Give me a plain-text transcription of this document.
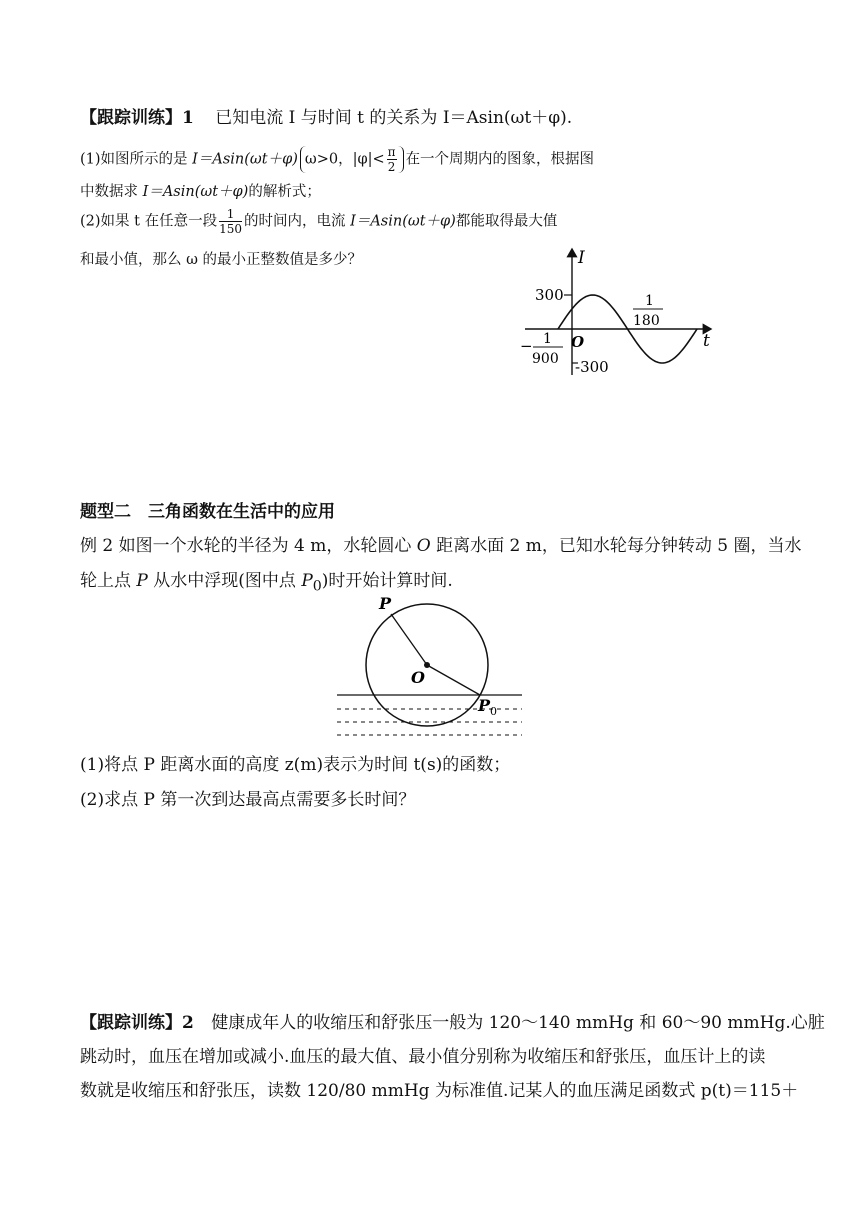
【跟踪训练】1 已知电流 I 与时间 t 的关系为 I＝Asin(ωt＋φ).
(1)如图所示的是 I＝Asin(ωt＋φ) ω>0，$|\varphi|< \frac{\pi}{2}$ 在一个周期内的图象，根据图
中数据求 I＝Asin(ωt＋φ)的解析式；
(2)如果 t 在任意一段 $\frac{1}{150}$ 的时间内，电流 I＝Asin(ωt＋φ)都能取得最大值
和最小值，那么 ω 的最小正整数值是多少？	I
t
O
300
-300
− 1
900
1
180
题型二　三角函数在生活中的应用
例 2 如图一个水轮的半径为 4 m，水轮圆心 O 距离水面 2 m，已知水轮每分钟转动 5 圈，当水
轮上点 P 从水中浮现(图中点 $P_0$)时开始计算时间.
P
O
P 0
(1)将点 P 距离水面的高度 z(m)表示为时间 t(s)的函数；
(2)求点 P 第一次到达最高点需要多长时间？
【跟踪训练】2 健康成年人的收缩压和舒张压一般为 120～140 mmHg 和 60～90 mmHg.心脏
跳动时，血压在增加或减小.血压的最大值、最小值分别称为收缩压和舒张压，血压计上的读
数就是收缩压和舒张压，读数 120/80 mmHg 为标准值.记某人的血压满足函数式 p(t)＝115＋
